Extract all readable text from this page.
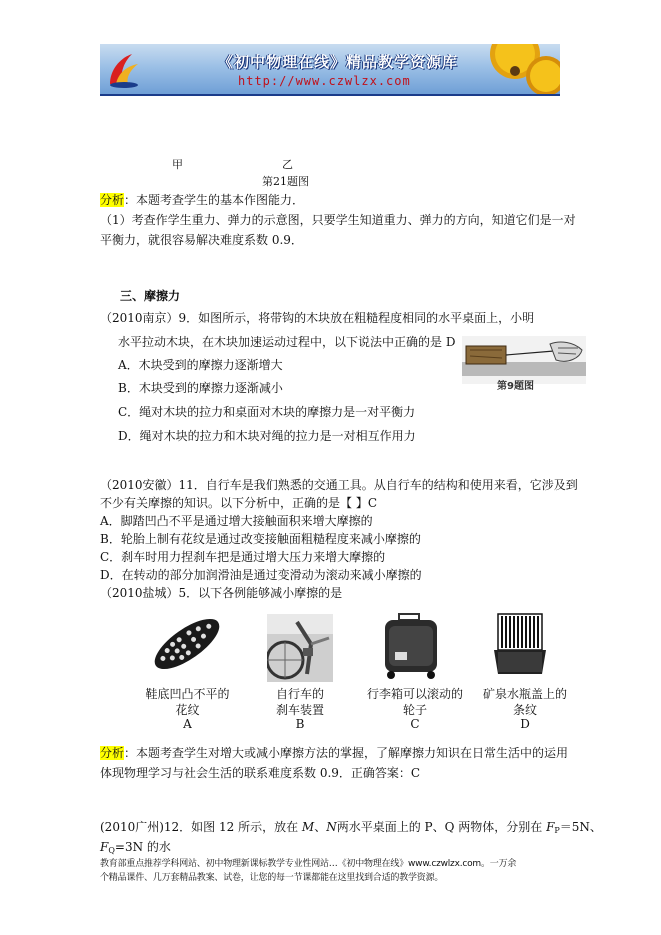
《初中物理在线》精品教学资源库
http://www.czwlzx.com
甲	乙
第21题图
分析：本题考查学生的基本作图能力．
（1）考查作学生重力、弹力的示意图，只要学生知道重力、弹力的方向，知道它们是一对
平衡力，就很容易解决难度系数 0.9．
三、摩擦力
（2010南京）9．如图所示，将带钩的木块放在粗糙程度相同的水平桌面上，小明
水平拉动木块，在木块加速运动过程中，以下说法中正确的是 D
A．木块受到的摩擦力逐渐增大
B．木块受到的摩擦力逐渐减小
C．绳对木块的拉力和桌面对木块的摩擦力是一对平衡力
D．绳对木块的拉力和木块对绳的拉力是一对相互作用力
第9题图
（2010安徽）11．自行车是我们熟悉的交通工具。从自行车的结构和使用来看，它涉及到
不少有关摩擦的知识。以下分析中，正确的是【 】C
A．脚踏凹凸不平是通过增大接触面积来增大摩擦的
B．轮胎上制有花纹是通过改变接触面粗糙程度来减小摩擦的
C．刹车时用力捏刹车把是通过增大压力来增大摩擦的
D．在转动的部分加润滑油是通过变滑动为滚动来减小摩擦的
（2010盐城）5．以下各例能够减小摩擦的是
鞋底凹凸不平的
花纹
A
自行车的
刹车装置
B
行李箱可以滚动的
轮子
C
矿泉水瓶盖上的
条纹
D
分析：本题考查学生对增大或减小摩擦方法的掌握，了解摩擦力知识在日常生活中的运用
体现物理学习与社会生活的联系难度系数 0.9．正确答案：C
(2010广州)12．如图 12 所示，放在 M、N两水平桌面上的 P、Q 两物体，分别在 $F_P=5N$、
$F_Q=3N$ 的水
教育部重点推荐学科网站、初中物理新课标教学专业性网站…《初中物理在线》www.czwlzx.com。一万余
个精品课件、几万套精品教案、试卷，让您的每一节课都能在这里找到合适的教学资源。
